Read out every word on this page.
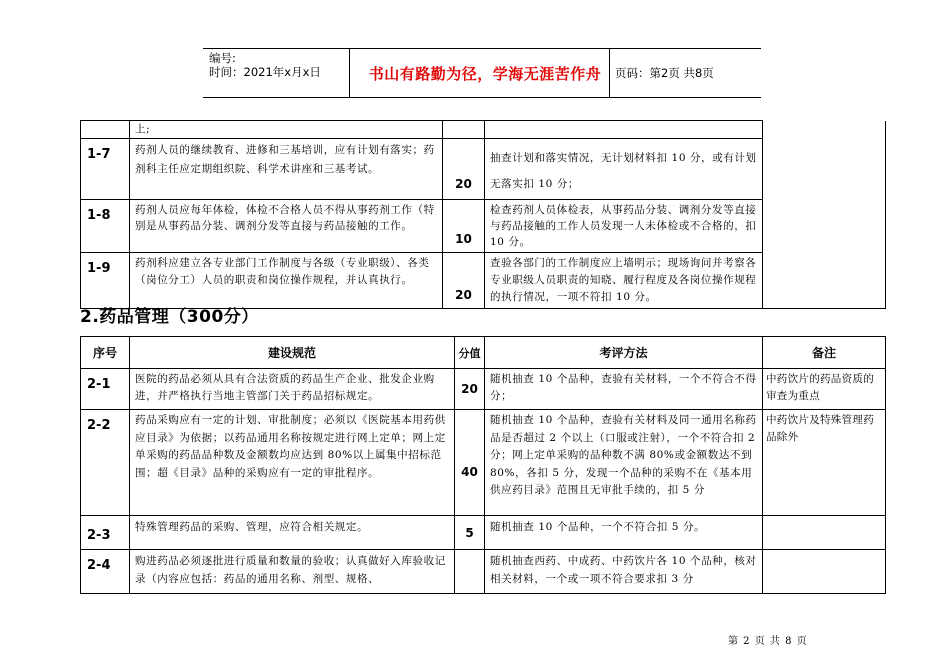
编号:
时间：2021年x月x日	书山有路勤为径，学海无涯苦作舟	页码：第2页 共8页
	上;			
1-7	药剂人员的继续教育、进修和三基培训，应有计划有落实；药剂科主任应定期组织院、科学术讲座和三基考试。	20	抽查计划和落实情况，无计划材料扣 10 分，或有计划无落实扣 10 分；	
1-8	药剂人员应每年体检，体检不合格人员不得从事药剂工作（特别是从事药品分装、调剂分发等直接与药品接触的工作。	10	检查药剂人员体检表，从事药品分装、调剂分发等直接与药品接触的工作人员发现一人未体检或不合格的，扣 10 分。	
1-9	药剂科应建立各专业部门工作制度与各级（专业职级）、各类（岗位分工）人员的职责和岗位操作规程，并认真执行。	20	查验各部门的工作制度应上墙明示；现场询问并考察各专业职级人员职责的知晓、履行程度及各岗位操作规程的执行情况，一项不符扣 10 分。	
2.药品管理（300分）
序号	建设规范	分值	考评方法	备注
2-1	医院的药品必须从具有合法资质的药品生产企业、批发企业购进，并严格执行当地主管部门关于药品招标规定。	20	随机抽查 10 个品种，查验有关材料，一个不符合不得分；	中药饮片的药品资质的审查为重点
2-2	药品采购应有一定的计划、审批制度；必须以《医院基本用药供应目录》为依据；以药品通用名称按规定进行网上定单；网上定单采购的药品品种数及金额数均应达到 80%以上属集中招标范围；超《目录》品种的采购应有一定的审批程序。	40	随机抽查 10 个品种，查验有关材料及同一通用名称药品是否超过 2 个以上（口服或注射），一个不符合扣 2 分；网上定单采购的品种数不满 80%或金额数达不到 80%，各扣 5 分，发现一个品种的采购不在《基本用供应药目录》范围且无审批手续的，扣 5 分	中药饮片及特殊管理药品除外
2-3	特殊管理药品的采购、管理，应符合相关规定。	5	随机抽查 10 个品种，一个不符合扣 5 分。	
2-4	购进药品必须逐批进行质量和数量的验收；认真做好入库验收记录（内容应包括：药品的通用名称、剂型、规格、		随机抽查西药、中成药、中药饮片各 10 个品种，核对相关材料，一个或一项不符合要求扣 3 分	
第 2 页 共 8 页
